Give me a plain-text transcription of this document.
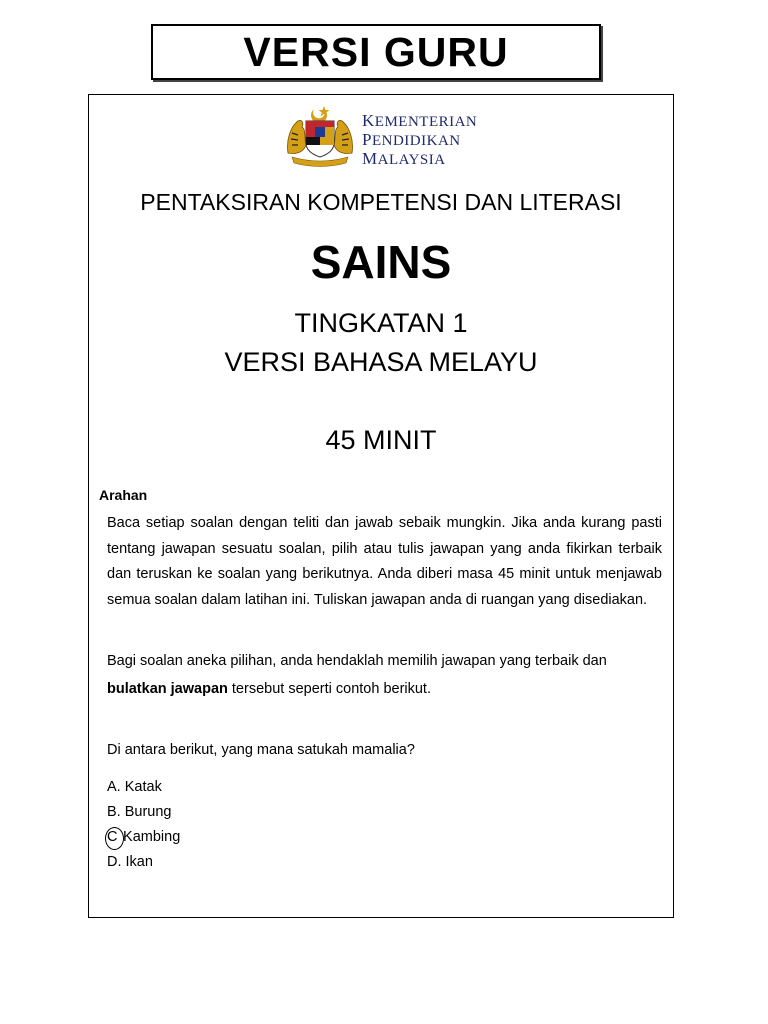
VERSI GURU
KEMENTERIAN
PENDIDIKAN
MALAYSIA
PENTAKSIRAN KOMPETENSI DAN LITERASI
SAINS
TINGKATAN 1
VERSI BAHASA MELAYU
45 MINIT
Arahan
Baca setiap soalan dengan teliti dan jawab sebaik mungkin. Jika anda kurang pasti tentang jawapan sesuatu soalan, pilih atau tulis jawapan yang anda fikirkan terbaik dan teruskan ke soalan yang berikutnya. Anda diberi masa 45 minit untuk menjawab semua soalan dalam latihan ini. Tuliskan jawapan anda di ruangan yang disediakan.
Bagi soalan aneka pilihan, anda hendaklah memilih jawapan yang terbaik dan
bulatkan jawapan tersebut seperti contoh berikut.
Di antara berikut, yang mana satukah mamalia?
A. Katak
B. Burung
C Kambing
D. Ikan
